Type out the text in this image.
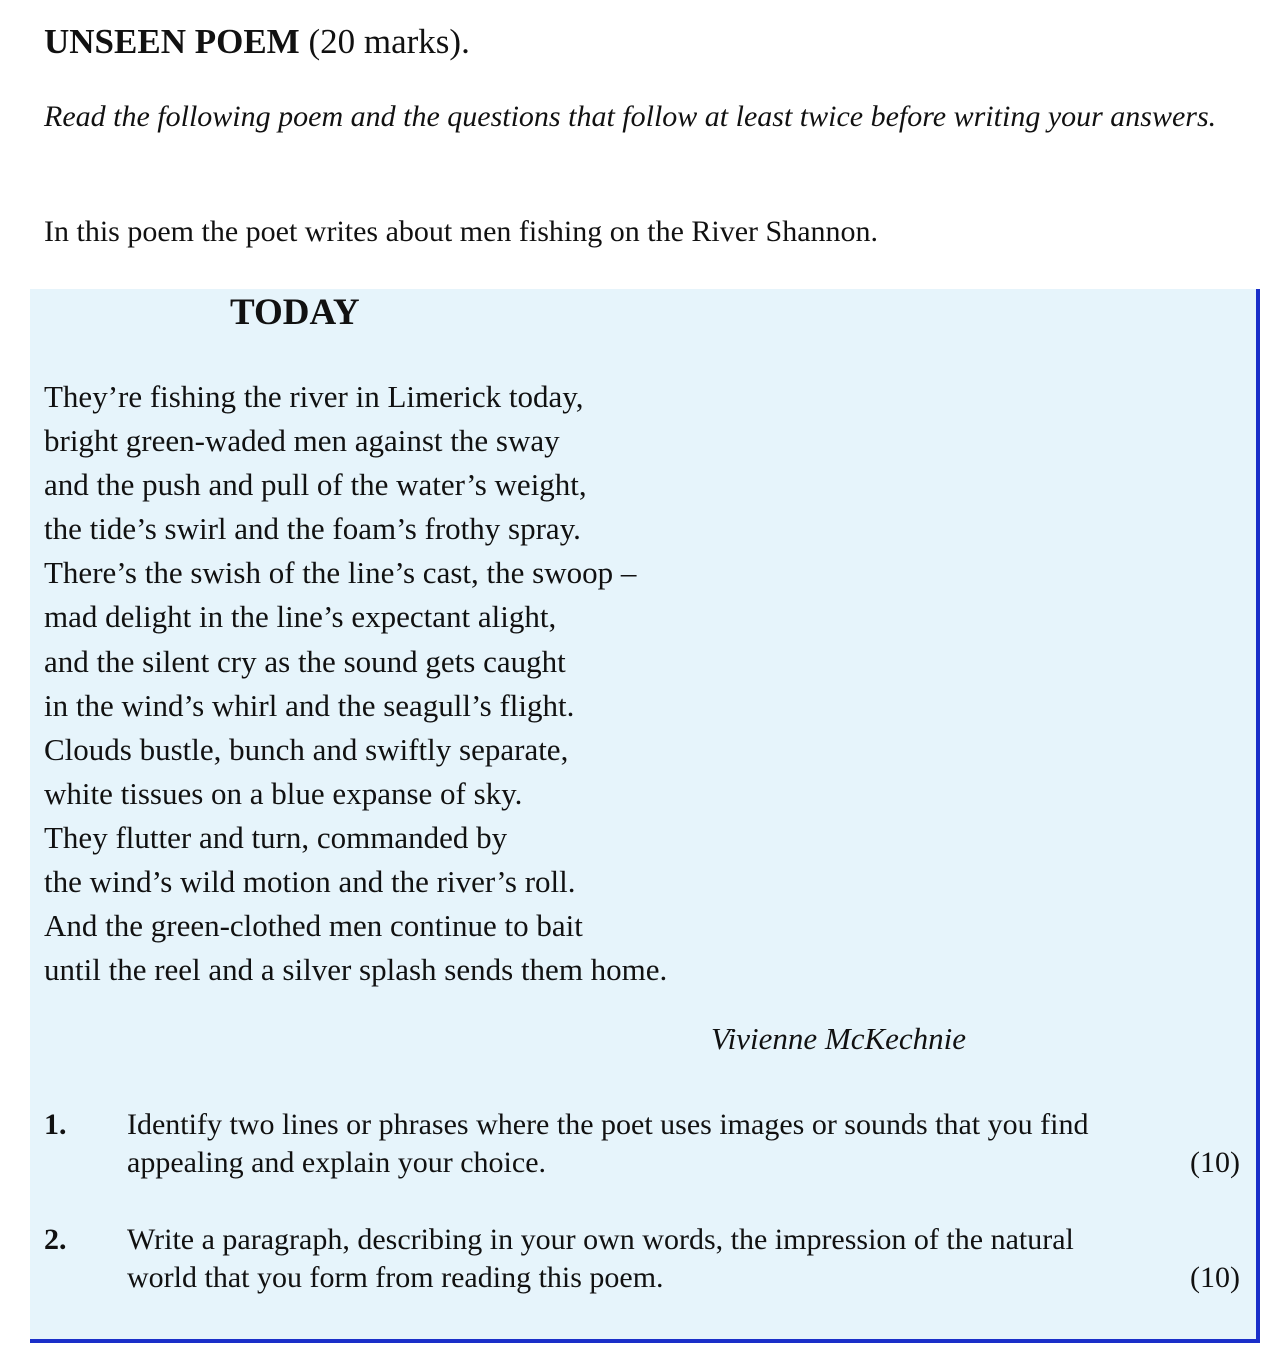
UNSEEN POEM (20 marks).
Read the following poem and the questions that follow at least twice before writing your answers.
In this poem the poet writes about men fishing on the River Shannon.
TODAY
They’re fishing the river in Limerick today,
bright green-waded men against the sway
and the push and pull of the water’s weight,
the tide’s swirl and the foam’s frothy spray.
There’s the swish of the line’s cast, the swoop –
mad delight in the line’s expectant alight,
and the silent cry as the sound gets caught
in the wind’s whirl and the seagull’s flight.
Clouds bustle, bunch and swiftly separate,
white tissues on a blue expanse of sky.
They flutter and turn, commanded by
the wind’s wild motion and the river’s roll.
And the green-clothed men continue to bait
until the reel and a silver splash sends them home.
Vivienne McKechnie
1. Identify two lines or phrases where the poet uses images or sounds that you find
appealing and explain your choice.	(10)
2. Write a paragraph, describing in your own words, the impression of the natural
world that you form from reading this poem.	(10)
